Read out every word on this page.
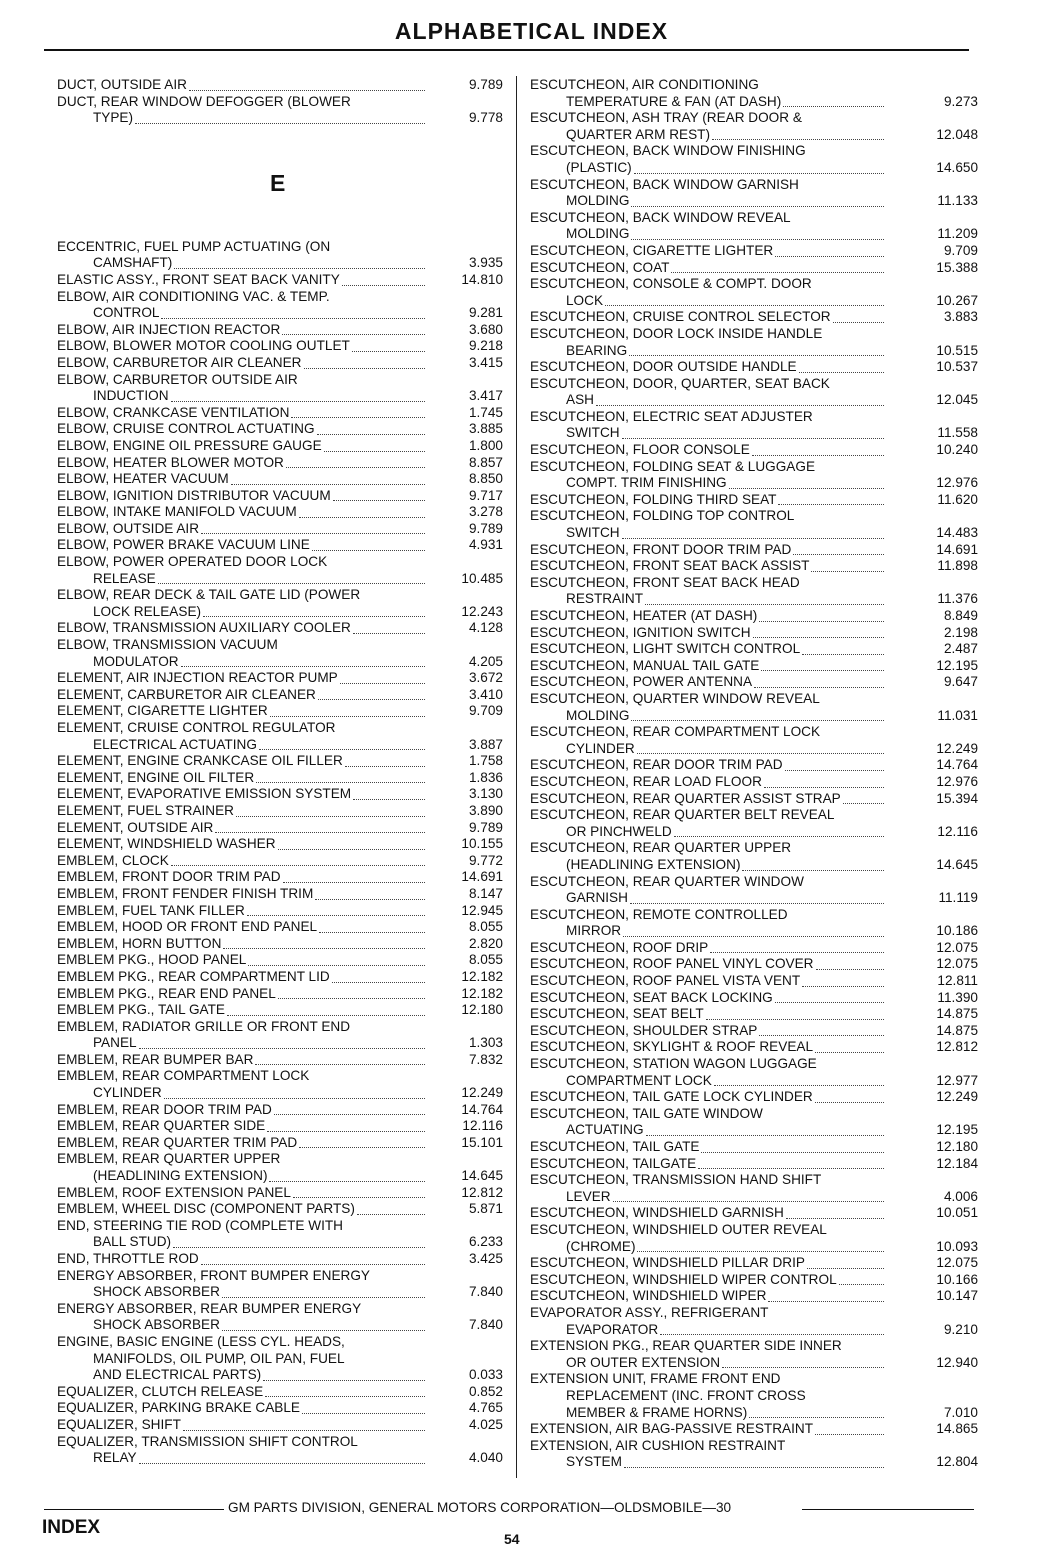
ALPHABETICAL INDEX
DUCT, OUTSIDE AIR	9.789
DUCT, REAR WINDOW DEFOGGER (BLOWER
TYPE)	9.778
E
ECCENTRIC, FUEL PUMP ACTUATING (ON
CAMSHAFT)	3.935
ELASTIC ASSY., FRONT SEAT BACK VANITY	14.810
ELBOW, AIR CONDITIONING VAC. & TEMP.
CONTROL	9.281
ELBOW, AIR INJECTION REACTOR	3.680
ELBOW, BLOWER MOTOR COOLING OUTLET	9.218
ELBOW, CARBURETOR AIR CLEANER	3.415
ELBOW, CARBURETOR OUTSIDE AIR
INDUCTION	3.417
ELBOW, CRANKCASE VENTILATION	1.745
ELBOW, CRUISE CONTROL ACTUATING	3.885
ELBOW, ENGINE OIL PRESSURE GAUGE	1.800
ELBOW, HEATER BLOWER MOTOR	8.857
ELBOW, HEATER VACUUM	8.850
ELBOW, IGNITION DISTRIBUTOR VACUUM	9.717
ELBOW, INTAKE MANIFOLD VACUUM	3.278
ELBOW, OUTSIDE AIR	9.789
ELBOW, POWER BRAKE VACUUM LINE	4.931
ELBOW, POWER OPERATED DOOR LOCK
RELEASE	10.485
ELBOW, REAR DECK & TAIL GATE LID (POWER
LOCK RELEASE)	12.243
ELBOW, TRANSMISSION AUXILIARY COOLER	4.128
ELBOW, TRANSMISSION VACUUM
MODULATOR	4.205
ELEMENT, AIR INJECTION REACTOR PUMP	3.672
ELEMENT, CARBURETOR AIR CLEANER	3.410
ELEMENT, CIGARETTE LIGHTER	9.709
ELEMENT, CRUISE CONTROL REGULATOR
ELECTRICAL ACTUATING	3.887
ELEMENT, ENGINE CRANKCASE OIL FILLER	1.758
ELEMENT, ENGINE OIL FILTER	1.836
ELEMENT, EVAPORATIVE EMISSION SYSTEM	3.130
ELEMENT, FUEL STRAINER	3.890
ELEMENT, OUTSIDE AIR	9.789
ELEMENT, WINDSHIELD WASHER	10.155
EMBLEM, CLOCK	9.772
EMBLEM, FRONT DOOR TRIM PAD	14.691
EMBLEM, FRONT FENDER FINISH TRIM	8.147
EMBLEM, FUEL TANK FILLER	12.945
EMBLEM, HOOD OR FRONT END PANEL	8.055
EMBLEM, HORN BUTTON	2.820
EMBLEM PKG., HOOD PANEL	8.055
EMBLEM PKG., REAR COMPARTMENT LID	12.182
EMBLEM PKG., REAR END PANEL	12.182
EMBLEM PKG., TAIL GATE	12.180
EMBLEM, RADIATOR GRILLE OR FRONT END
PANEL	1.303
EMBLEM, REAR BUMPER BAR	7.832
EMBLEM, REAR COMPARTMENT LOCK
CYLINDER	12.249
EMBLEM, REAR DOOR TRIM PAD	14.764
EMBLEM, REAR QUARTER SIDE	12.116
EMBLEM, REAR QUARTER TRIM PAD	15.101
EMBLEM, REAR QUARTER UPPER
(HEADLINING EXTENSION)	14.645
EMBLEM, ROOF EXTENSION PANEL	12.812
EMBLEM, WHEEL DISC (COMPONENT PARTS)	5.871
END, STEERING TIE ROD (COMPLETE WITH
BALL STUD)	6.233
END, THROTTLE ROD	3.425
ENERGY ABSORBER, FRONT BUMPER ENERGY
SHOCK ABSORBER	7.840
ENERGY ABSORBER, REAR BUMPER ENERGY
SHOCK ABSORBER	7.840
ENGINE, BASIC ENGINE (LESS CYL. HEADS,
MANIFOLDS, OIL PUMP, OIL PAN, FUEL
AND ELECTRICAL PARTS)	0.033
EQUALIZER, CLUTCH RELEASE	0.852
EQUALIZER, PARKING BRAKE CABLE	4.765
EQUALIZER, SHIFT	4.025
EQUALIZER, TRANSMISSION SHIFT CONTROL
RELAY	4.040
ESCUTCHEON, AIR CONDITIONING
TEMPERATURE & FAN (AT DASH)	9.273
ESCUTCHEON, ASH TRAY (REAR DOOR &
QUARTER ARM REST)	12.048
ESCUTCHEON, BACK WINDOW FINISHING
(PLASTIC)	14.650
ESCUTCHEON, BACK WINDOW GARNISH
MOLDING	11.133
ESCUTCHEON, BACK WINDOW REVEAL
MOLDING	11.209
ESCUTCHEON, CIGARETTE LIGHTER	9.709
ESCUTCHEON, COAT	15.388
ESCUTCHEON, CONSOLE & COMPT. DOOR
LOCK	10.267
ESCUTCHEON, CRUISE CONTROL SELECTOR	3.883
ESCUTCHEON, DOOR LOCK INSIDE HANDLE
BEARING	10.515
ESCUTCHEON, DOOR OUTSIDE HANDLE	10.537
ESCUTCHEON, DOOR, QUARTER, SEAT BACK
ASH	12.045
ESCUTCHEON, ELECTRIC SEAT ADJUSTER
SWITCH	11.558
ESCUTCHEON, FLOOR CONSOLE	10.240
ESCUTCHEON, FOLDING SEAT & LUGGAGE
COMPT. TRIM FINISHING	12.976
ESCUTCHEON, FOLDING THIRD SEAT	11.620
ESCUTCHEON, FOLDING TOP CONTROL
SWITCH	14.483
ESCUTCHEON, FRONT DOOR TRIM PAD	14.691
ESCUTCHEON, FRONT SEAT BACK ASSIST	11.898
ESCUTCHEON, FRONT SEAT BACK HEAD
RESTRAINT	11.376
ESCUTCHEON, HEATER (AT DASH)	8.849
ESCUTCHEON, IGNITION SWITCH	2.198
ESCUTCHEON, LIGHT SWITCH CONTROL	2.487
ESCUTCHEON, MANUAL TAIL GATE	12.195
ESCUTCHEON, POWER ANTENNA	9.647
ESCUTCHEON, QUARTER WINDOW REVEAL
MOLDING	11.031
ESCUTCHEON, REAR COMPARTMENT LOCK
CYLINDER	12.249
ESCUTCHEON, REAR DOOR TRIM PAD	14.764
ESCUTCHEON, REAR LOAD FLOOR	12.976
ESCUTCHEON, REAR QUARTER ASSIST STRAP	15.394
ESCUTCHEON, REAR QUARTER BELT REVEAL
OR PINCHWELD	12.116
ESCUTCHEON, REAR QUARTER UPPER
(HEADLINING EXTENSION)	14.645
ESCUTCHEON, REAR QUARTER WINDOW
GARNISH	11.119
ESCUTCHEON, REMOTE CONTROLLED
MIRROR	10.186
ESCUTCHEON, ROOF DRIP	12.075
ESCUTCHEON, ROOF PANEL VINYL COVER	12.075
ESCUTCHEON, ROOF PANEL VISTA VENT	12.811
ESCUTCHEON, SEAT BACK LOCKING	11.390
ESCUTCHEON, SEAT BELT	14.875
ESCUTCHEON, SHOULDER STRAP	14.875
ESCUTCHEON, SKYLIGHT & ROOF REVEAL	12.812
ESCUTCHEON, STATION WAGON LUGGAGE
COMPARTMENT LOCK	12.977
ESCUTCHEON, TAIL GATE LOCK CYLINDER	12.249
ESCUTCHEON, TAIL GATE WINDOW
ACTUATING	12.195
ESCUTCHEON, TAIL GATE	12.180
ESCUTCHEON, TAILGATE	12.184
ESCUTCHEON, TRANSMISSION HAND SHIFT
LEVER	4.006
ESCUTCHEON, WINDSHIELD GARNISH	10.051
ESCUTCHEON, WINDSHIELD OUTER REVEAL
(CHROME)	10.093
ESCUTCHEON, WINDSHIELD PILLAR DRIP	12.075
ESCUTCHEON, WINDSHIELD WIPER CONTROL	10.166
ESCUTCHEON, WINDSHIELD WIPER	10.147
EVAPORATOR ASSY., REFRIGERANT
EVAPORATOR	9.210
EXTENSION PKG., REAR QUARTER SIDE INNER
OR OUTER EXTENSION	12.940
EXTENSION UNIT, FRAME FRONT END
REPLACEMENT (INC. FRONT CROSS
MEMBER & FRAME HORNS)	7.010
EXTENSION, AIR BAG-PASSIVE RESTRAINT	14.865
EXTENSION, AIR CUSHION RESTRAINT
SYSTEM	12.804
GM PARTS DIVISION, GENERAL MOTORS CORPORATION—OLDSMOBILE—30
INDEX
54
